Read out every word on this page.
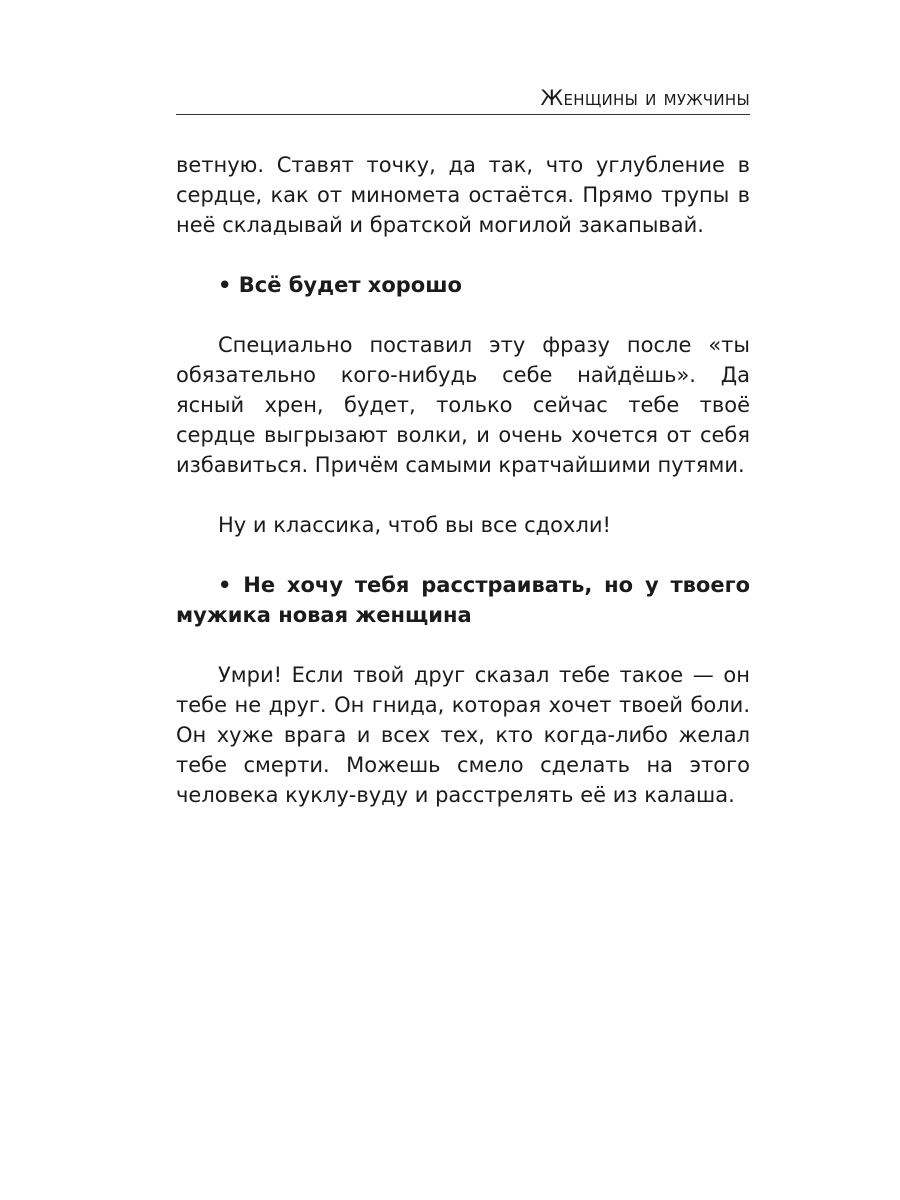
Женщины и мужчины

ветную. Ставят точку, да так, что углубление в сердце, как от миномета остаётся. Прямо трупы в неё складывай и братской могилой закапывай.

• Всё будет хорошо

Специально поставил эту фразу после «ты обязательно кого-нибудь себе найдёшь». Да ясный хрен, будет, только сейчас тебе твоё сердце выгрызают волки, и очень хочется от себя избавиться. Причём самыми кратчайшими путями.

Ну и классика, чтоб вы все сдохли!

• Не хочу тебя расстраивать, но у твоего мужика новая женщина

Умри! Если твой друг сказал тебе такое — он тебе не друг. Он гнида, которая хочет твоей боли. Он хуже врага и всех тех, кто когда-либо желал тебе смерти. Можешь смело сделать на этого человека куклу-вуду и расстрелять её из калаша.
